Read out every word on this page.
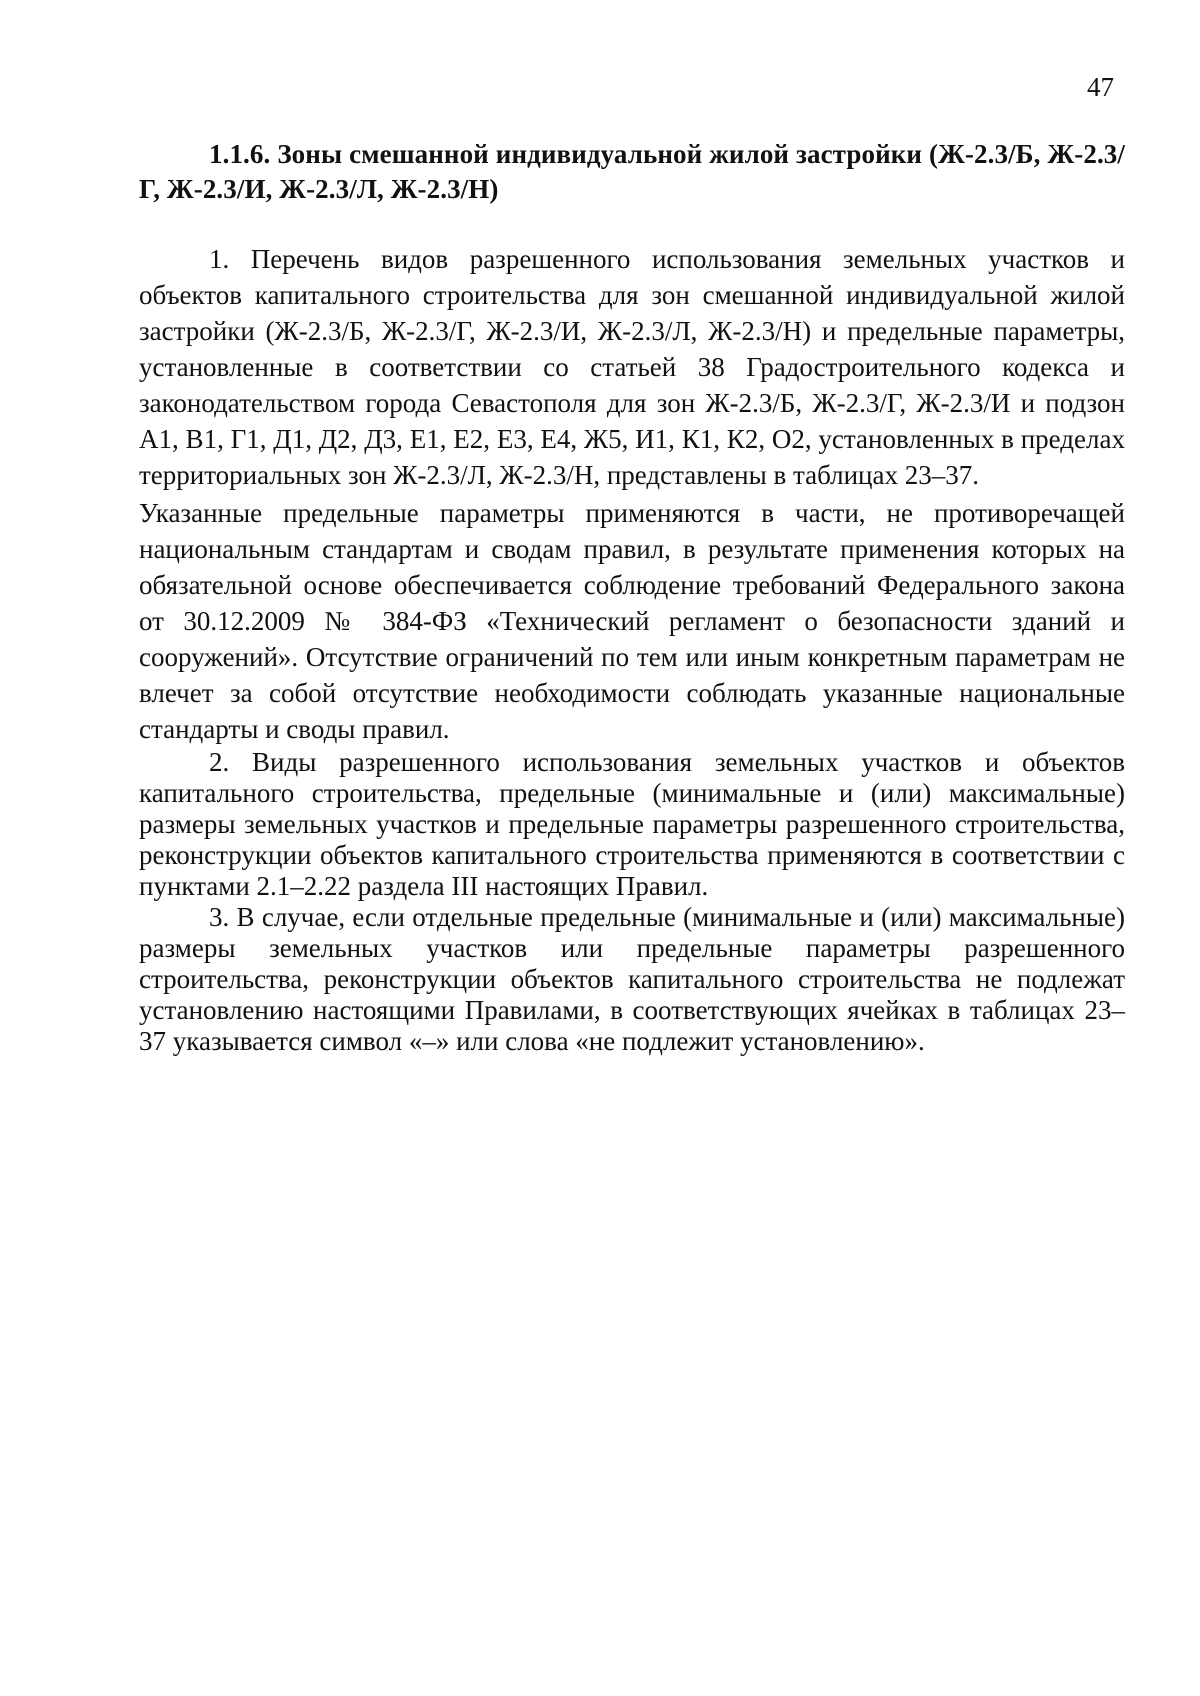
47

1.1.6. Зоны смешанной индивидуальной жилой застройки (Ж-2.3/Б, Ж-2.3/Г, Ж-2.3/И, Ж-2.3/Л, Ж-2.3/Н)

1. Перечень видов разрешенного использования земельных участков и объектов капитального строительства для зон смешанной индивидуальной жилой застройки (Ж-2.3/Б, Ж-2.3/Г, Ж-2.3/И, Ж-2.3/Л, Ж-2.3/Н) и предельные параметры, установленные в соответствии со статьей 38 Градостроительного кодекса и законодательством города Севастополя для зон Ж-2.3/Б, Ж-2.3/Г, Ж-2.3/И и подзон А1, В1, Г1, Д1, Д2, Д3, Е1, Е2, Е3, Е4, Ж5, И1, К1, К2, О2, установленных в пределах территориальных зон Ж-2.3/Л, Ж-2.3/Н, представлены в таблицах 23–37.

Указанные предельные параметры применяются в части, не противоречащей национальным стандартам и сводам правил, в результате применения которых на обязательной основе обеспечивается соблюдение требований Федерального закона от 30.12.2009 № 384-ФЗ «Технический регламент о безопасности зданий и сооружений». Отсутствие ограничений по тем или иным конкретным параметрам не влечет за собой отсутствие необходимости соблюдать указанные национальные стандарты и своды правил.

2. Виды разрешенного использования земельных участков и объектов капитального строительства, предельные (минимальные и (или) максимальные) размеры земельных участков и предельные параметры разрешенного строительства, реконструкции объектов капитального строительства применяются в соответствии с пунктами 2.1–2.22 раздела III настоящих Правил.

3. В случае, если отдельные предельные (минимальные и (или) максимальные) размеры земельных участков или предельные параметры разрешенного строительства, реконструкции объектов капитального строительства не подлежат установлению настоящими Правилами, в соответствующих ячейках в таблицах 23–37 указывается символ «–» или слова «не подлежит установлению».
